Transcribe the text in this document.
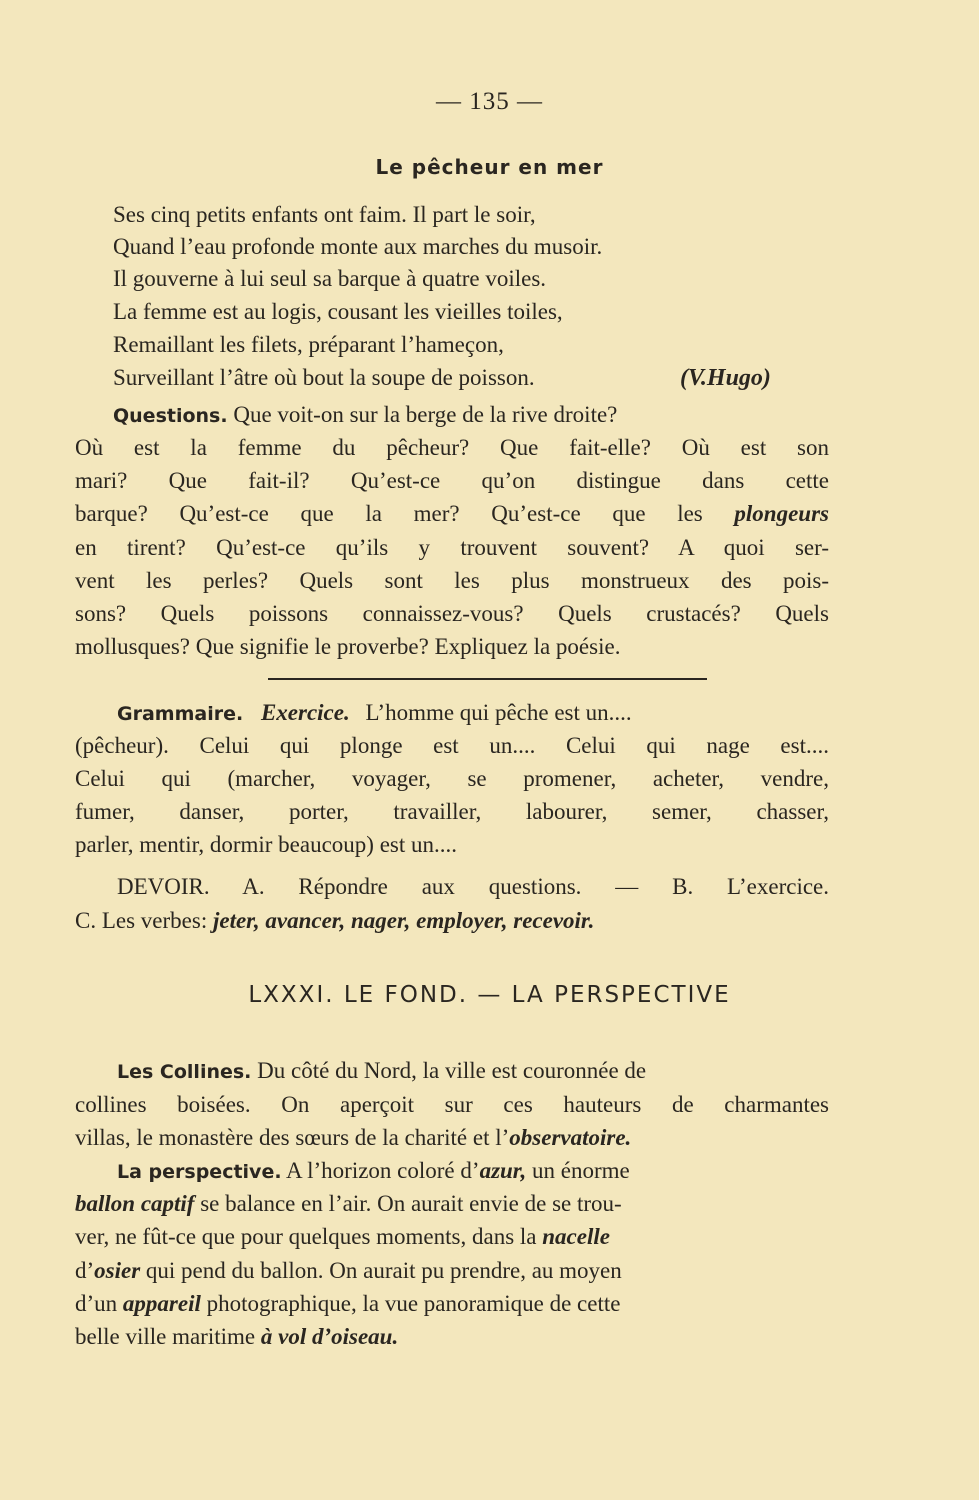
— 135 —
Le pêcheur en mer
Ses cinq petits enfants ont faim. Il part le soir,
Quand l’eau profonde monte aux marches du musoir.
Il gouverne à lui seul sa barque à quatre voiles.
La femme est au logis, cousant les vieilles toiles,
Remaillant les filets, préparant l’hameçon,
Surveillant l’âtre où bout la soupe de poisson.	(V.Hugo)
Questions. Que voit-on sur la berge de la rive droite?
Où est la femme du pêcheur? Que fait-elle? Où est son
mari? Que fait-il? Qu’est-ce qu’on distingue dans cette
barque? Qu’est-ce que la mer? Qu’est-ce que les plongeurs
en tirent? Qu’est-ce qu’ils y trouvent souvent? A quoi ser-
vent les perles? Quels sont les plus monstrueux des pois-
sons? Quels poissons connaissez-vous? Quels crustacés? Quels
mollusques? Que signifie le proverbe? Expliquez la poésie.
Grammaire. Exercice. L’homme qui pêche est un....
(pêcheur). Celui qui plonge est un.... Celui qui nage est....
Celui qui (marcher, voyager, se promener, acheter, vendre,
fumer, danser, porter, travailler, labourer, semer, chasser,
parler, mentir, dormir beaucoup) est un....
DEVOIR. A. Répondre aux questions. — B. L’exercice.
C. Les verbes: jeter, avancer, nager, employer, recevoir.
LXXXI. LE FOND. — LA PERSPECTIVE
Les Collines. Du côté du Nord, la ville est couronnée de
collines boisées. On aperçoit sur ces hauteurs de charmantes
villas, le monastère des sœurs de la charité et l’observatoire.
La perspective. A l’horizon coloré d’azur, un énorme
ballon captif se balance en l’air. On aurait envie de se trou-
ver, ne fût-ce que pour quelques moments, dans la nacelle
d’osier qui pend du ballon. On aurait pu prendre, au moyen
d’un appareil photographique, la vue panoramique de cette
belle ville maritime à vol d’oiseau.
